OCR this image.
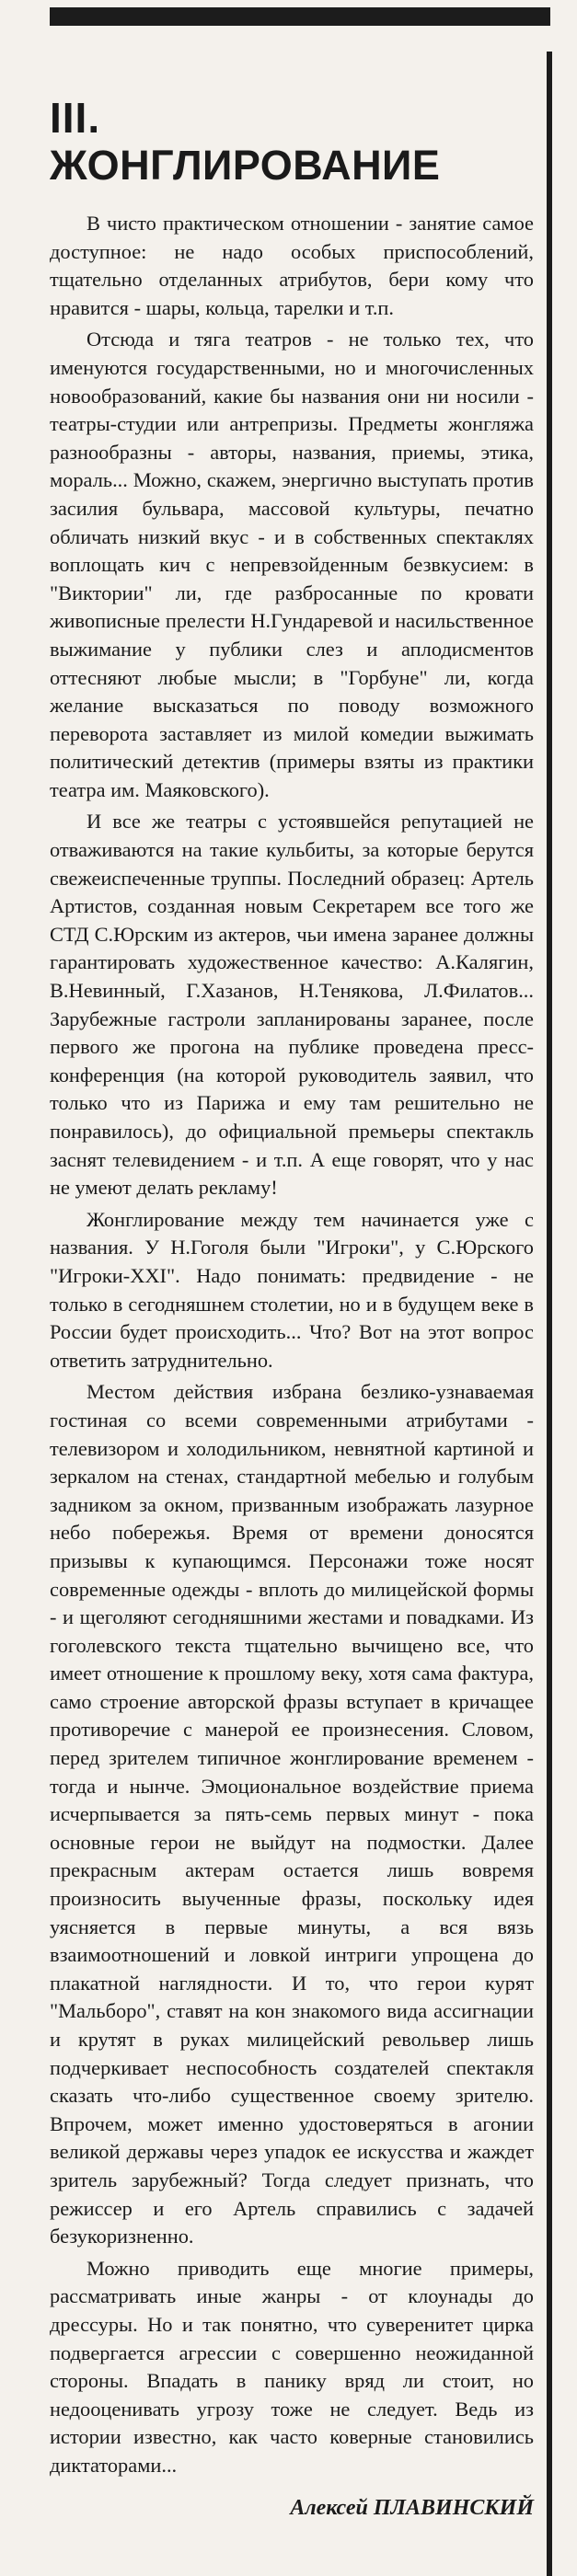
III.
ЖОНГЛИРОВАНИЕ

В чисто практическом отношении - занятие самое доступное: не надо особых приспособлений, тщательно отделанных атрибутов, бери кому что нравится - шары, кольца, тарелки и т.п.

Отсюда и тяга театров - не только тех, что именуются государственными, но и многочисленных новообразований, какие бы названия они ни носили - театры-студии или антрепризы. Предметы жонгляжа разнообразны - авторы, названия, приемы, этика, мораль... Можно, скажем, энергично выступать против засилия бульвара, массовой культуры, печатно обличать низкий вкус - и в собственных спектаклях воплощать кич с непревзойденным безвкусием: в "Виктории" ли, где разбросанные по кровати живописные прелести Н.Гундаревой и насильственное выжимание у публики слез и аплодисментов оттесняют любые мысли; в "Горбуне" ли, когда желание высказаться по поводу возможного переворота заставляет из милой комедии выжимать политический детектив (примеры взяты из практики театра им. Маяковского).

И все же театры с устоявшейся репутацией не отваживаются на такие кульбиты, за которые берутся свежеиспеченные труппы. Последний образец: Артель Артистов, созданная новым Секретарем все того же СТД С.Юрским из актеров, чьи имена заранее должны гарантировать художественное качество: А.Калягин, В.Невинный, Г.Хазанов, Н.Тенякова, Л.Филатов... Зарубежные гастроли запланированы заранее, после первого же прогона на публике проведена пресс-конференция (на которой руководитель заявил, что только что из Парижа и ему там решительно не понравилось), до официальной премьеры спектакль заснят телевидением - и т.п. А еще говорят, что у нас не умеют делать рекламу!

Жонглирование между тем начинается уже с названия. У Н.Гоголя были "Игроки", у С.Юрского "Игроки-XXI". Надо понимать: предвидение - не только в сегодняшнем столетии, но и в будущем веке в России будет происходить... Что? Вот на этот вопрос ответить затруднительно.

Местом действия избрана безлико-узнаваемая гостиная со всеми современными атрибутами - телевизором и холодильником, невнятной картиной и зеркалом на стенах, стандартной мебелью и голубым задником за окном, призванным изображать лазурное небо побережья. Время от времени доносятся призывы к купающимся. Персонажи тоже носят современные одежды - вплоть до милицейской формы - и щеголяют сегодняшними жестами и повадками. Из гоголевского текста тщательно вычищено все, что имеет отношение к прошлому веку, хотя сама фактура, само строение авторской фразы вступает в кричащее противоречие с манерой ее произнесения. Словом, перед зрителем типичное жонглирование временем - тогда и нынче. Эмоциональное воздействие приема исчерпывается за пять-семь первых минут - пока основные герои не выйдут на подмостки. Далее прекрасным актерам остается лишь вовремя произносить выученные фразы, поскольку идея уясняется в первые минуты, а вся вязь взаимоотношений и ловкой интриги упрощена до плакатной наглядности. И то, что герои курят "Мальборо", ставят на кон знакомого вида ассигнации и крутят в руках милицейский револьвер лишь подчеркивает неспособность создателей спектакля сказать что-либо существенное своему зрителю. Впрочем, может именно удостоверяться в агонии великой державы через упадок ее искусства и жаждет зритель зарубежный? Тогда следует признать, что режиссер и его Артель справились с задачей безукоризненно.

Можно приводить еще многие примеры, рассматривать иные жанры - от клоунады до дрессуры. Но и так понятно, что суверенитет цирка подвергается агрессии с совершенно неожиданной стороны. Впадать в панику вряд ли стоит, но недооценивать угрозу тоже не следует. Ведь из истории известно, как часто коверные становились диктаторами...

Алексей ПЛАВИНСКИЙ
